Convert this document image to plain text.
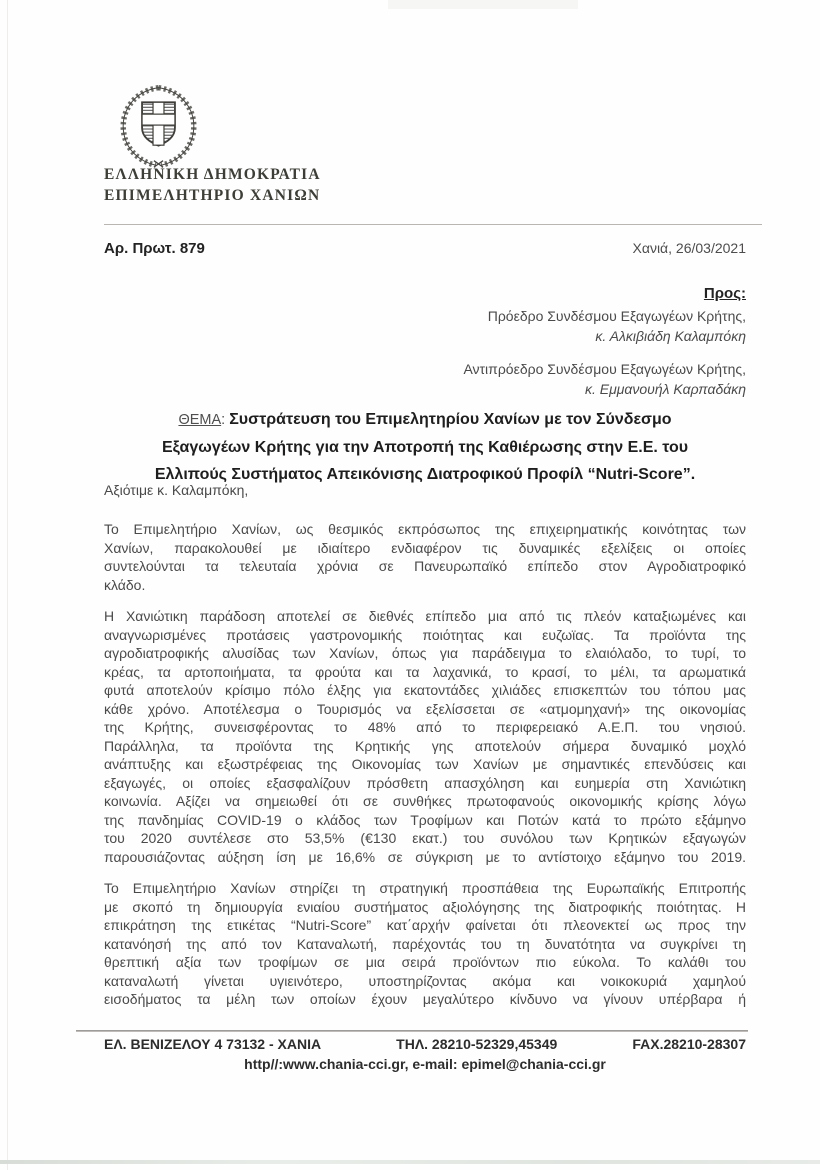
ΕΛΛΗΝΙΚΗ ΔΗΜΟΚΡΑΤΙΑ
ΕΠΙΜΕΛΗΤΗΡΙΟ ΧΑΝΙΩΝ
Αρ. Πρωτ. 879	Χανιά, 26/03/2021
Προς:
Πρόεδρο Συνδέσμου Εξαγωγέων Κρήτης,
κ. Αλκιβιάδη Καλαμπόκη
Αντιπρόεδρο Συνδέσμου Εξαγωγέων Κρήτης,
κ. Εμμανουήλ Καρπαδάκη
ΘΕΜΑ: Συστράτευση του Επιμελητηρίου Χανίων με τον Σύνδεσμο
Εξαγωγέων Κρήτης για την Αποτροπή της Καθιέρωσης στην Ε.Ε. του
Ελλιπούς Συστήματος Απεικόνισης Διατροφικού Προφίλ “Nutri-Score”.
Αξιότιμε κ. Καλαμπόκη,
Το Επιμελητήριο Χανίων, ως θεσμικός εκπρόσωπος της επιχειρηματικής κοινότητας των
Χανίων, παρακολουθεί με ιδιαίτερο ενδιαφέρον τις δυναμικές εξελίξεις οι οποίες
συντελούνται τα τελευταία χρόνια σε Πανευρωπαϊκό επίπεδο στον Αγροδιατροφικό
κλάδο.
Η Χανιώτικη παράδοση αποτελεί σε διεθνές επίπεδο μια από τις πλεόν καταξιωμένες και
αναγνωρισμένες προτάσεις γαστρονομικής ποιότητας και ευζωϊας. Τα προϊόντα της
αγροδιατροφικής αλυσίδας των Χανίων, όπως για παράδειγμα το ελαιόλαδο, το τυρί, το
κρέας, τα αρτοποιήματα, τα φρούτα και τα λαχανικά, το κρασί, το μέλι, τα αρωματικά
φυτά αποτελούν κρίσιμο πόλο έλξης για εκατοντάδες χιλιάδες επισκεπτών του τόπου μας
κάθε χρόνο. Αποτέλεσμα ο Τουρισμός να εξελίσσεται σε «ατμομηχανή» της οικονομίας
της Κρήτης, συνεισφέροντας το 48% από το περιφερειακό Α.Ε.Π. του νησιού.
Παράλληλα, τα προϊόντα της Κρητικής γης αποτελούν σήμερα δυναμικό μοχλό
ανάπτυξης και εξωστρέφειας της Οικονομίας των Χανίων με σημαντικές επενδύσεις και
εξαγωγές, οι οποίες εξασφαλίζουν πρόσθετη απασχόληση και ευημερία στη Χανιώτικη
κοινωνία. Αξίζει να σημειωθεί ότι σε συνθήκες πρωτοφανούς οικονομικής κρίσης λόγω
της πανδημίας COVID-19 ο κλάδος των Τροφίμων και Ποτών κατά το πρώτο εξάμηνο
του 2020 συντέλεσε στο 53,5% (€130 εκατ.) του συνόλου των Κρητικών εξαγωγών
παρουσιάζοντας αύξηση ίση με 16,6% σε σύγκριση με το αντίστοιχο εξάμηνο του 2019.
Το Επιμελητήριο Χανίων στηρίζει τη στρατηγική προσπάθεια της Ευρωπαϊκής Επιτροπής
με σκοπό τη δημιουργία ενιαίου συστήματος αξιολόγησης της διατροφικής ποιότητας. Η
επικράτηση της ετικέτας “Nutri-Score” κατ΄αρχήν φαίνεται ότι πλεονεκτεί ως προς την
κατανόησή της από τον Καταναλωτή, παρέχοντάς του τη δυνατότητα να συγκρίνει τη
θρεπτική αξία των τροφίμων σε μια σειρά προϊόντων πιο εύκολα. Το καλάθι του
καταναλωτή γίνεται υγιεινότερο, υποστηρίζοντας ακόμα και νοικοκυριά χαμηλού
εισοδήματος τα μέλη των οποίων έχουν μεγαλύτερο κίνδυνο να γίνουν υπέρβαρα ή
ΕΛ. ΒΕΝΙΖΕΛΟΥ 4 73132 - ΧΑΝΙΑ	ΤΗΛ. 28210-52329,45349	FAX.28210-28307
http//:www.chania-cci.gr, e-mail: epimel@chania-cci.gr
